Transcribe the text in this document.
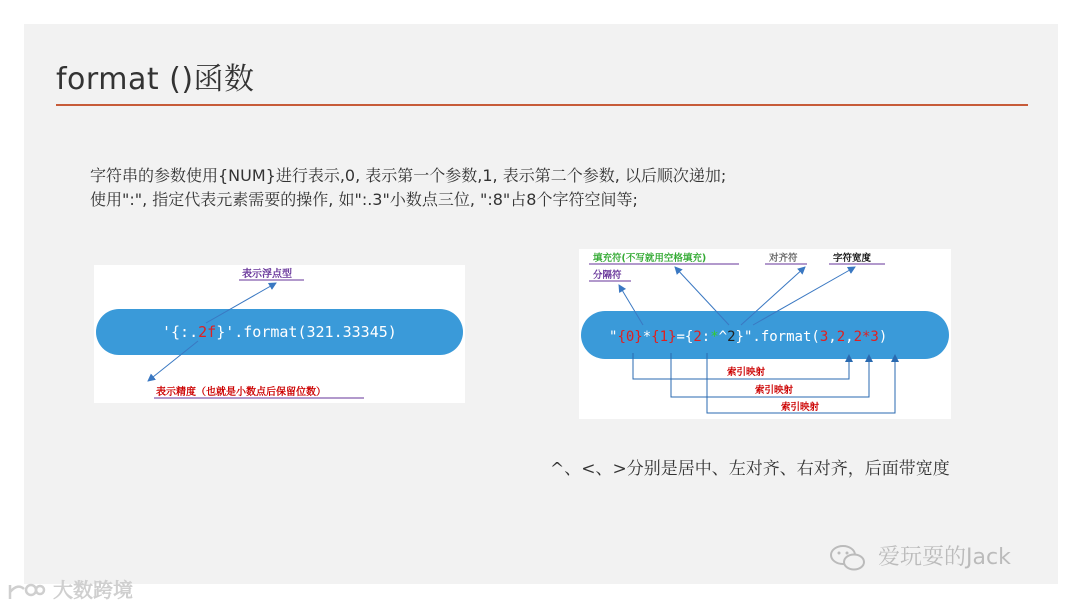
format ()函数
字符串的参数使用{NUM}进行表示,0, 表示第一个参数,1, 表示第二个参数, 以后顺次递加;
使用":", 指定代表元素需要的操作, 如":.3"小数点三位, ":8"占8个字符空间等;
表示浮点型
'{:.2f}'.format(321.33345)
表示精度（也就是小数点后保留位数）
填充符(不写就用空格填充)
分隔符
对齐符	字符宽度
"{0}*{1}={2:*^2}".format(3,2,2*3)
索引映射
索引映射
索引映射
^、<、>分别是居中、左对齐、右对齐，后面带宽度
爱玩耍的Jack
大数跨境
